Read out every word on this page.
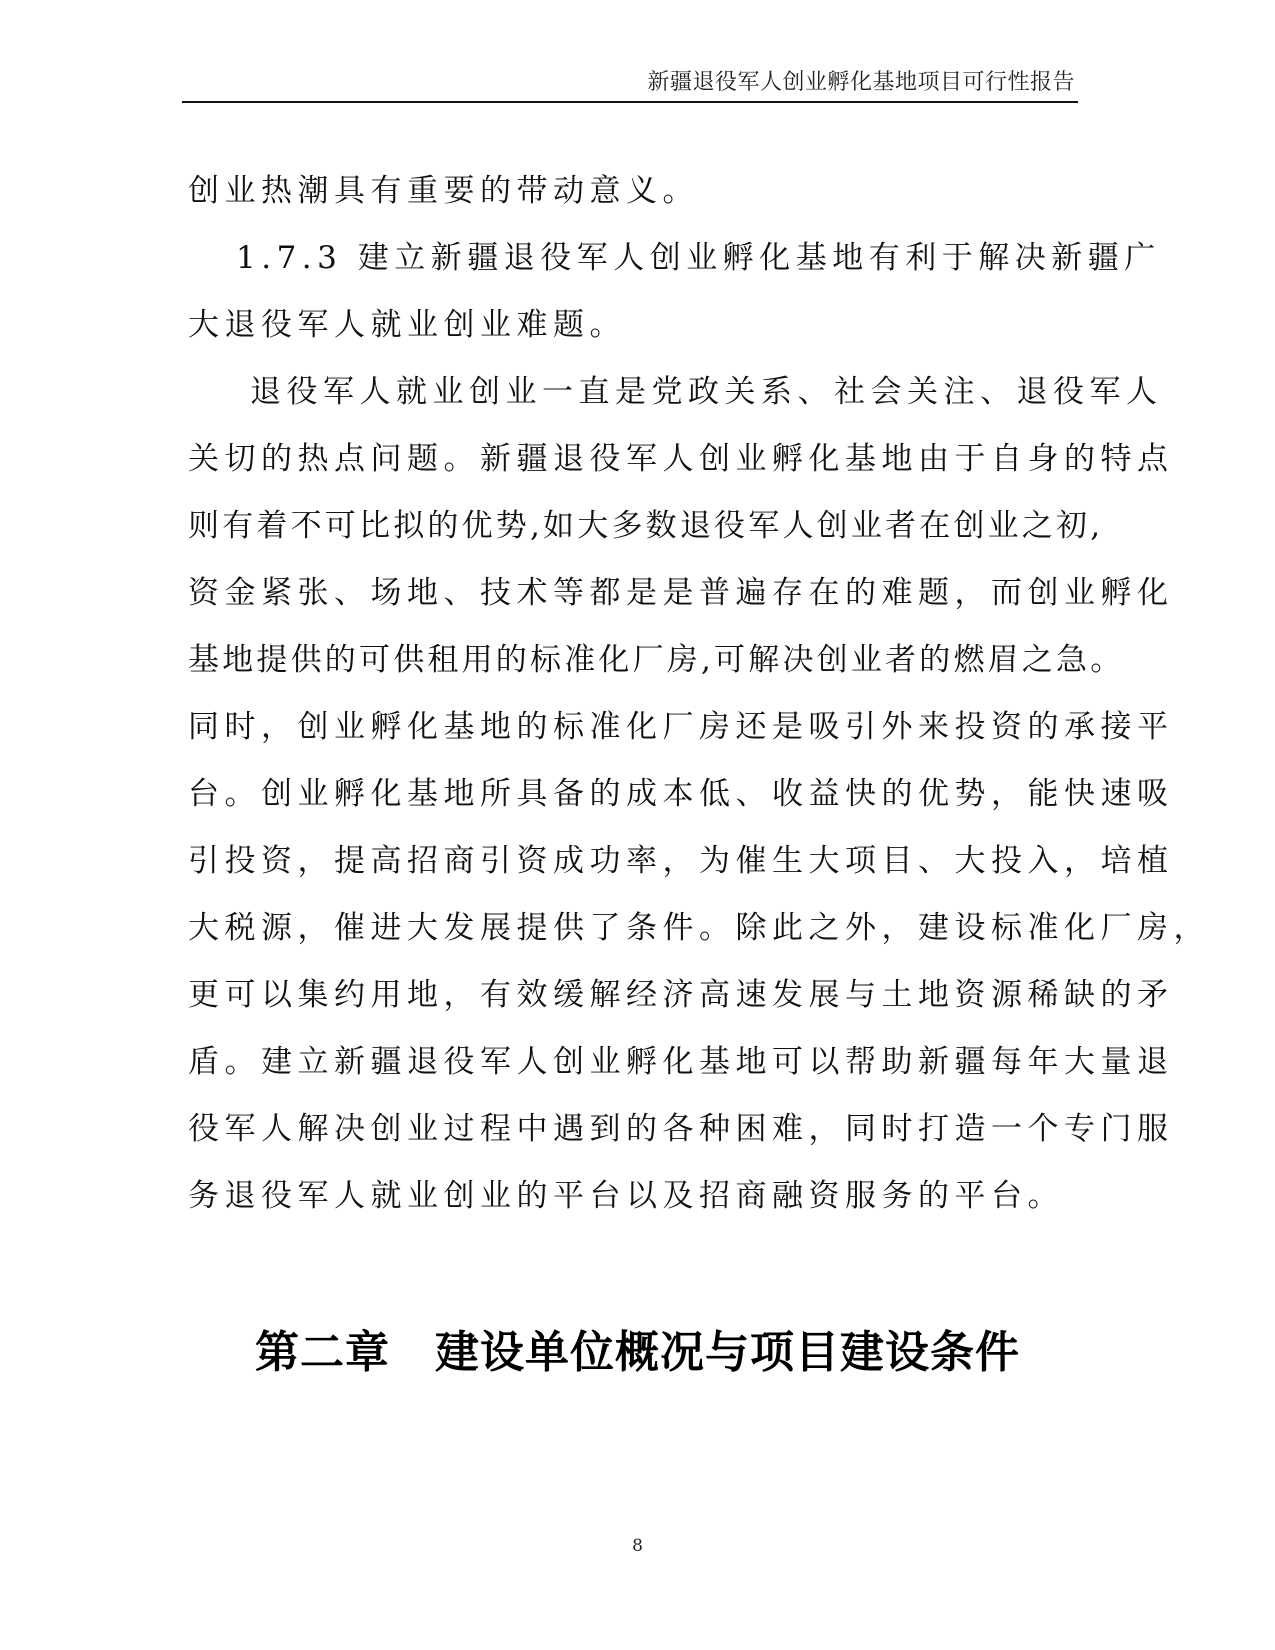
新疆退役军人创业孵化基地项目可行性报告
创业热潮具有重要的带动意义。
1.7.3 建立新疆退役军人创业孵化基地有利于解决新疆广
大退役军人就业创业难题。
退役军人就业创业一直是党政关系、社会关注、退役军人
关切的热点问题。新疆退役军人创业孵化基地由于自身的特点
则有着不可比拟的优势,如大多数退役军人创业者在创业之初,
资金紧张、场地、技术等都是是普遍存在的难题，而创业孵化
基地提供的可供租用的标准化厂房,可解决创业者的燃眉之急。
同时，创业孵化基地的标准化厂房还是吸引外来投资的承接平
台。创业孵化基地所具备的成本低、收益快的优势，能快速吸
引投资，提高招商引资成功率，为催生大项目、大投入，培植
大税源，催进大发展提供了条件。除此之外，建设标准化厂房，
更可以集约用地，有效缓解经济高速发展与土地资源稀缺的矛
盾。建立新疆退役军人创业孵化基地可以帮助新疆每年大量退
役军人解决创业过程中遇到的各种困难，同时打造一个专门服
务退役军人就业创业的平台以及招商融资服务的平台。
第二章　建设单位概况与项目建设条件
8
